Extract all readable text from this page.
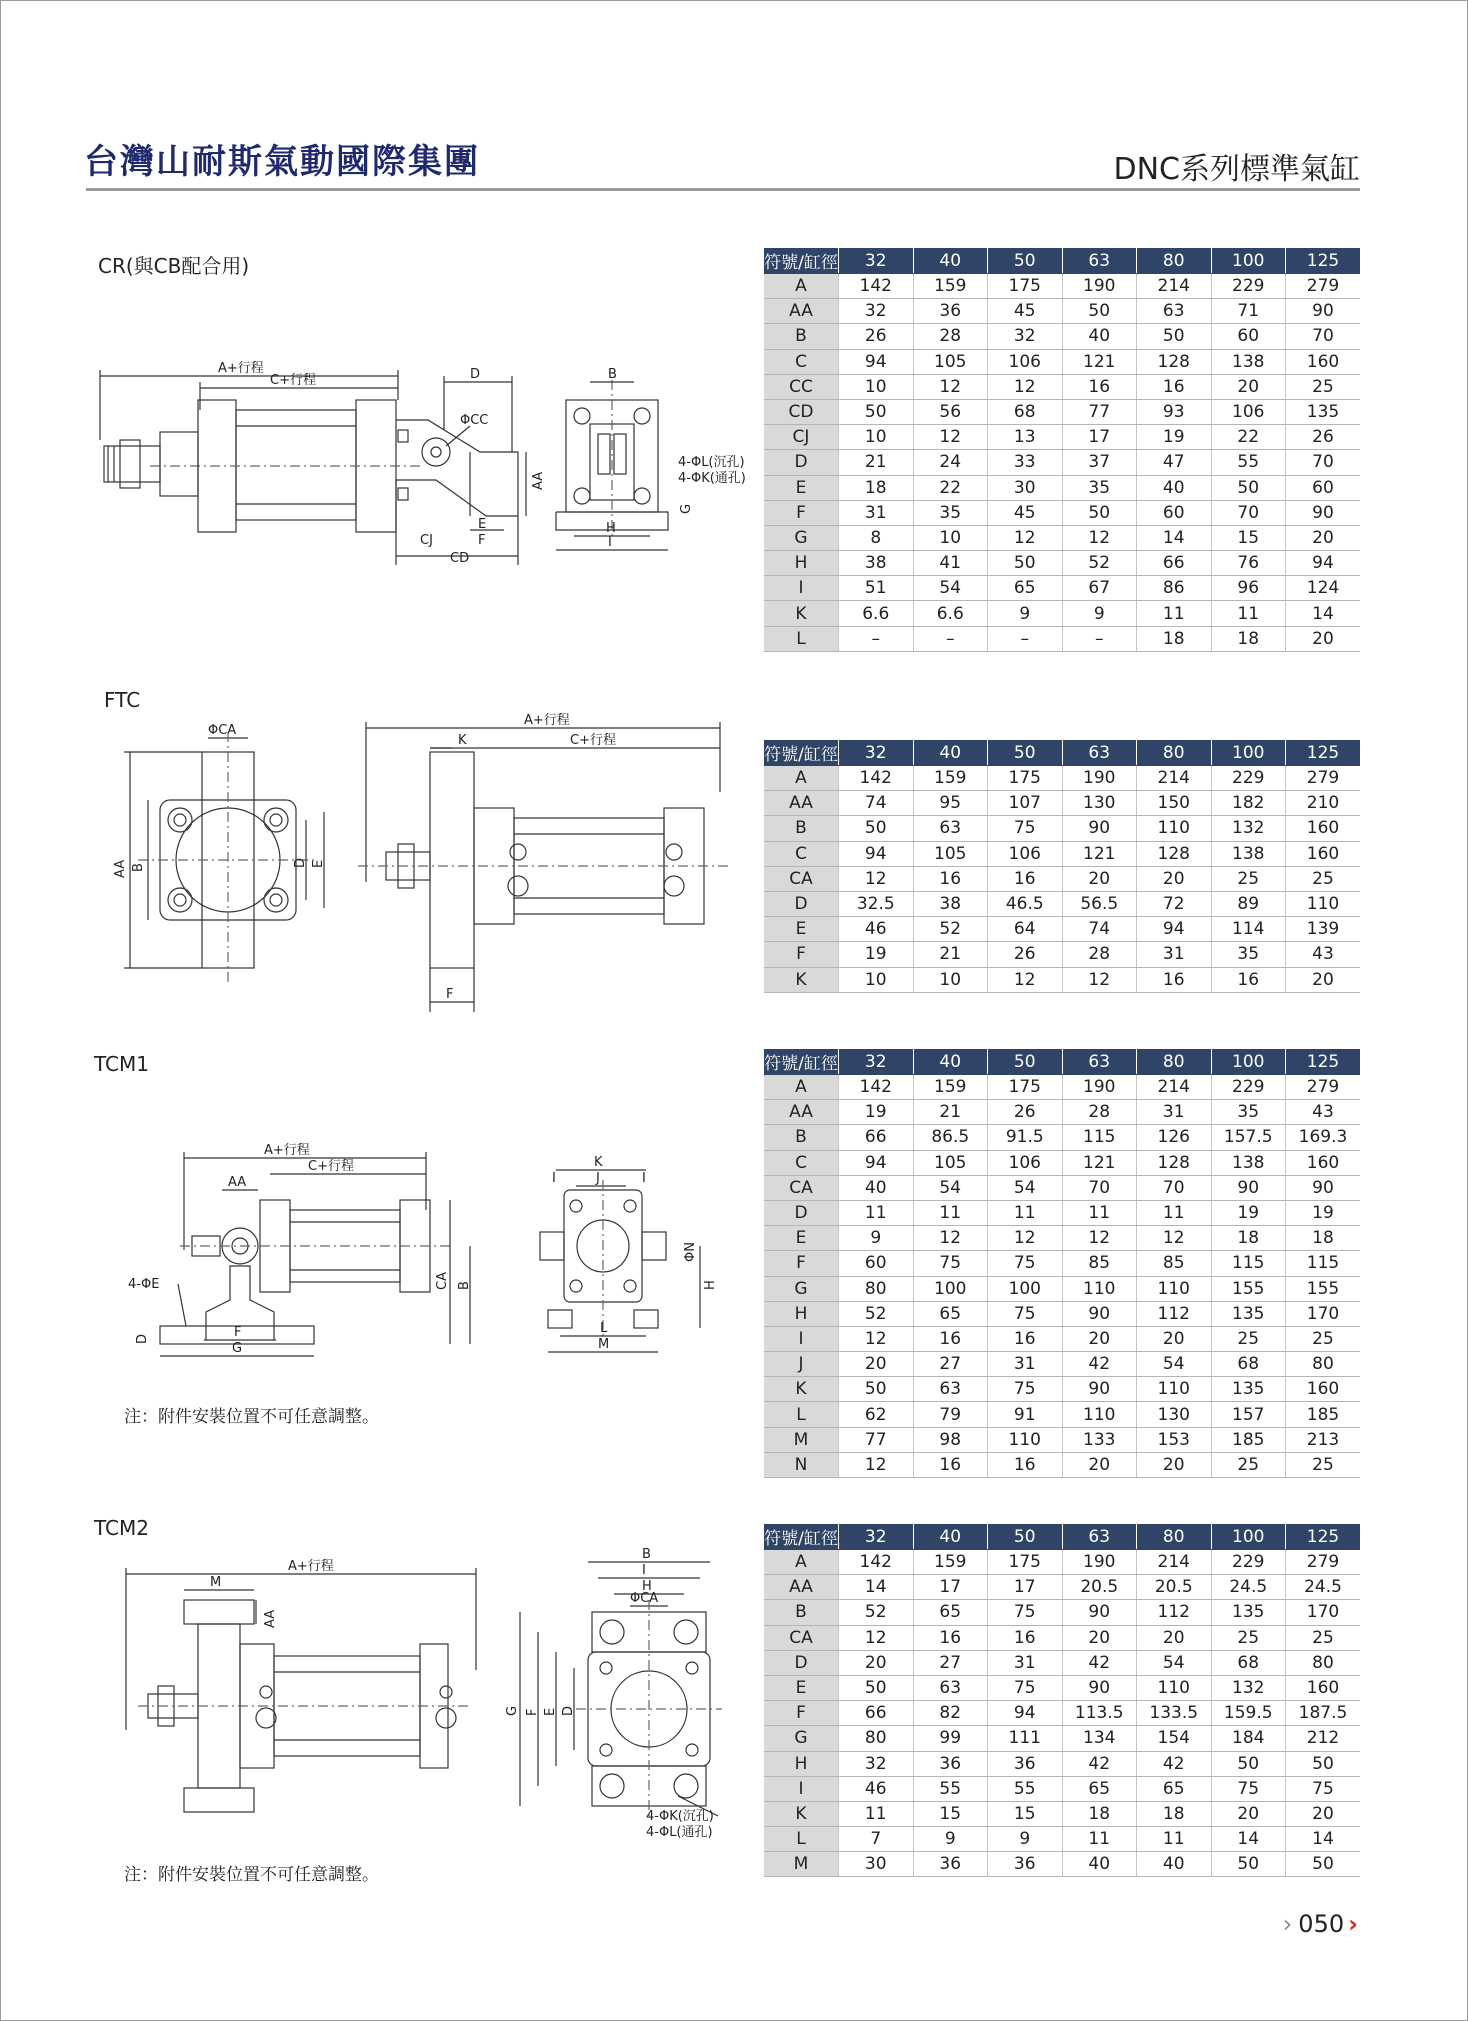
台灣山耐斯氣動國際集團	DNC系列標準氣缸
CR(與CB配合用)
A+行程
C+行程	D
ΦCC
AA
CD
CJ
E
F
B
4-ΦL(沉孔)
4-ΦK(通孔)
G
H
I
符號/缸徑	32	40	50	63	80	100	125
A	142	159	175	190	214	229	279
AA	32	36	45	50	63	71	90
B	26	28	32	40	50	60	70
C	94	105	106	121	128	138	160
CC	10	12	12	16	16	20	25
CD	50	56	68	77	93	106	135
CJ	10	12	13	17	19	22	26
D	21	24	33	37	47	55	70
E	18	22	30	35	40	50	60
F	31	35	45	50	60	70	90
G	8	10	12	12	14	15	20
H	38	41	50	52	66	76	94
I	51	54	65	67	86	96	124
K	6.6	6.6	9	9	11	11	14
L	–	–	–	–	18	18	20
FTC
ΦCA
AA B	D E
A+行程
C+行程
K
F
符號/缸徑	32	40	50	63	80	100	125
A	142	159	175	190	214	229	279
AA	74	95	107	130	150	182	210
B	50	63	75	90	110	132	160
C	94	105	106	121	128	138	160
CA	12	16	16	20	20	25	25
D	32.5	38	46.5	56.5	72	89	110
E	46	52	64	74	94	114	139
F	19	21	26	28	31	35	43
K	10	10	12	12	16	16	20
TCM1
A+行程
C+行程
AA
4-ΦE
D	F
G
CA B
K
J
I	I
ΦN
H
L
M
注：附件安裝位置不可任意調整。
符號/缸徑	32	40	50	63	80	100	125
A	142	159	175	190	214	229	279
AA	19	21	26	28	31	35	43
B	66	86.5	91.5	115	126	157.5	169.3
C	94	105	106	121	128	138	160
CA	40	54	54	70	70	90	90
D	11	11	11	11	11	19	19
E	9	12	12	12	12	18	18
F	60	75	75	85	85	115	115
G	80	100	100	110	110	155	155
H	52	65	75	90	112	135	170
I	12	16	16	20	20	25	25
J	20	27	31	42	54	68	80
K	50	63	75	90	110	135	160
L	62	79	91	110	130	157	185
M	77	98	110	133	153	185	213
N	12	16	16	20	20	25	25
TCM2
A+行程
M
AA
B
I
H
ΦCA
G F E D
4-ΦK(沉孔)
4-ΦL(通孔)
注：附件安裝位置不可任意調整。
符號/缸徑	32	40	50	63	80	100	125
A	142	159	175	190	214	229	279
AA	14	17	17	20.5	20.5	24.5	24.5
B	52	65	75	90	112	135	170
CA	12	16	16	20	20	25	25
D	20	27	31	42	54	68	80
E	50	63	75	90	110	132	160
F	66	82	94	113.5	133.5	159.5	187.5
G	80	99	111	134	154	184	212
H	32	36	36	42	42	50	50
I	46	55	55	65	65	75	75
K	11	15	15	18	18	20	20
L	7	9	9	11	11	14	14
M	30	36	36	40	40	50	50
› 050 ›
